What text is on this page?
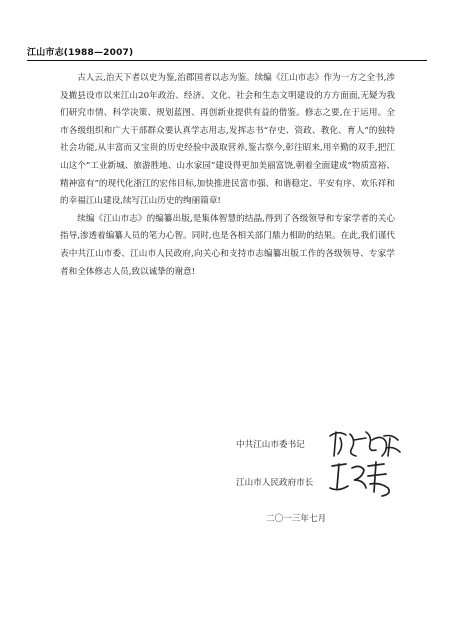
江山市志(1988—2007)

古人云,治天下者以史为鉴,治郡国者以志为鉴。续编《江山市志》作为一方之全书,涉及撤县设市以来江山20年政治、经济、文化、社会和生态文明建设的方方面面,无疑为我们研究市情、科学决策、规划蓝图、再创新业提供有益的借鉴。修志之要,在于运用。全市各级组织和广大干部群众要认真学志用志,发挥志书“存史、资政、教化、育人”的独特社会功能,从丰富而又宝贵的历史经验中汲取营养,鉴古察今,彰往昭来,用辛勤的双手,把江山这个“工业新城、旅游胜地、山水家园”建设得更加美丽富饶,朝着全面建成“物质富裕、精神富有”的现代化浙江的宏伟目标,加快推进民富市强、和谐稳定、平安有序、欢乐祥和的幸福江山建设,续写江山历史的绚丽篇章!

续编《江山市志》的编纂出版,是集体智慧的结晶,得到了各级领导和专家学者的关心指导,渗透着编纂人员的笔力心智。同时,也是各相关部门鼎力相助的结果。在此,我们谨代表中共江山市委、江山市人民政府,向关心和支持市志编纂出版工作的各级领导、专家学者和全体修志人员,致以诚挚的谢意!

中共江山市委书记
江山市人民政府市长
二〇一三年七月
